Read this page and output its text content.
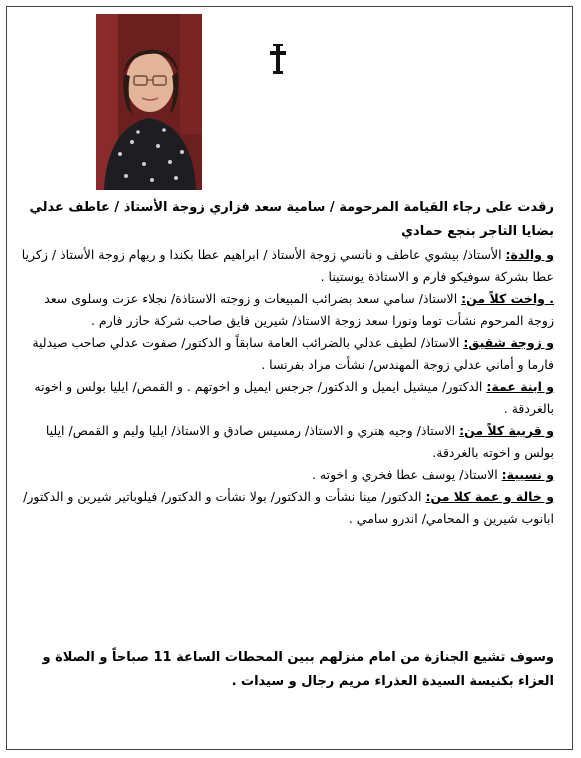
رقدت على رجاء القيامة المرحومة / سامية سعد فزاري زوجة الأستاذ / عاطف عدلي بضايا التاجر بنجع حمادي

و والدة: الأستاذ/ بيشوي عاطف و نانسي زوجة الأستاذ / ابراهيم عطا بكندا و ريهام زوجة الأستاذ / زكريا عطا بشركة سوفيكو فارم و الاستاذة يوستينا .

. واخت كلاً من: الاستاذ/ سامي سعد بضرائب المبيعات و زوجته الاستاذة/ نجلاء عزت وسلوى سعد زوجة المرحوم نشأت توما ونورا سعد زوجة الاستاذ/ شيرين فايق صاحب شركة حازر فارم .

و زوجة شقيق: الاستاذ/ لطيف عدلي بالضرائب العامة سابقاً و الدكتور/ صفوت عدلي صاحب صيدلية فارما و أماني عدلي زوجة المهندس/ نشأت مراد بفرنسا .

و ابنة عمة: الدكتور/ ميشيل ايميل و الدكتور/ جرجس ايميل و اخوتهم . و القمص/ ايليا بولس و اخوته بالغردقة .

و قريبة كلاً من: الاستاذ/ وجيه هنري و الاستاذ/ رمسيس صادق و الاستاذ/ ايليا وليم و القمص/ ايليا بولس و اخوته بالغردقة.

و نسيبة: الاستاذ/ يوسف عطا فخري و اخوته .

و خالة و عمة كلا من: الدكتور/ مينا نشأت و الدكتور/ بولا نشأت و الدكتور/ فيلوباتير شيرين و الدكتور/ ابانوب شيرين و المحامي/ اندرو سامي .

وسوف تشيع الجنازة من امام منزلهم ببين المحطات الساعة 11 صباحاً و الصلاة و العزاء بكنيسة السيدة العذراء مريم رجال و سيدات .
